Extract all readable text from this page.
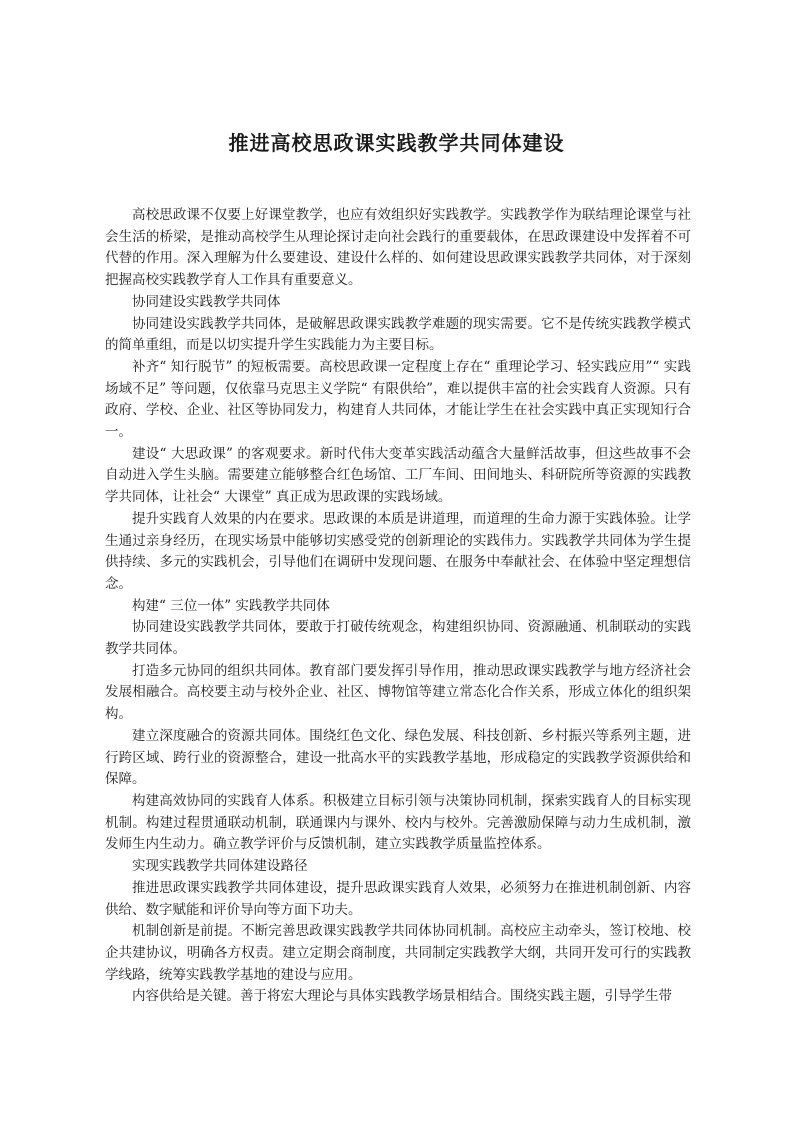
推进高校思政课实践教学共同体建设

高校思政课不仅要上好课堂教学，也应有效组织好实践教学。实践教学作为联结理论课堂与社会生活的桥梁，是推动高校学生从理论探讨走向社会践行的重要载体，在思政课建设中发挥着不可代替的作用。深入理解为什么要建设、建设什么样的、如何建设思政课实践教学共同体，对于深刻把握高校实践教学育人工作具有重要意义。

协同建设实践教学共同体

协同建设实践教学共同体，是破解思政课实践教学难题的现实需要。它不是传统实践教学模式的简单重组，而是以切实提升学生实践能力为主要目标。

补齐“ 知行脱节” 的短板需要。高校思政课一定程度上存在“ 重理论学习、轻实践应用”“ 实践场域不足” 等问题，仅依靠马克思主义学院“ 有限供给”，难以提供丰富的社会实践育人资源。只有政府、学校、企业、社区等协同发力，构建育人共同体，才能让学生在社会实践中真正实现知行合一。

建设“ 大思政课” 的客观要求。新时代伟大变革实践活动蕴含大量鲜活故事，但这些故事不会自动进入学生头脑。需要建立能够整合红色场馆、工厂车间、田间地头、科研院所等资源的实践教学共同体，让社会“ 大课堂” 真正成为思政课的实践场域。

提升实践育人效果的内在要求。思政课的本质是讲道理，而道理的生命力源于实践体验。让学生通过亲身经历，在现实场景中能够切实感受党的创新理论的实践伟力。实践教学共同体为学生提供持续、多元的实践机会，引导他们在调研中发现问题、在服务中奉献社会、在体验中坚定理想信念。

构建“ 三位一体” 实践教学共同体

协同建设实践教学共同体，要敢于打破传统观念，构建组织协同、资源融通、机制联动的实践教学共同体。

打造多元协同的组织共同体。教育部门要发挥引导作用，推动思政课实践教学与地方经济社会发展相融合。高校要主动与校外企业、社区、博物馆等建立常态化合作关系，形成立体化的组织架构。

建立深度融合的资源共同体。围绕红色文化、绿色发展、科技创新、乡村振兴等系列主题，进行跨区域、跨行业的资源整合，建设一批高水平的实践教学基地，形成稳定的实践教学资源供给和保障。

构建高效协同的实践育人体系。积极建立目标引领与决策协同机制，探索实践育人的目标实现机制。构建过程贯通联动机制，联通课内与课外、校内与校外。完善激励保障与动力生成机制，激发师生内生动力。确立教学评价与反馈机制，建立实践教学质量监控体系。

实现实践教学共同体建设路径

推进思政课实践教学共同体建设，提升思政课实践育人效果，必须努力在推进机制创新、内容供给、数字赋能和评价导向等方面下功夫。

机制创新是前提。不断完善思政课实践教学共同体协同机制。高校应主动牵头，签订校地、校企共建协议，明确各方权责。建立定期会商制度，共同制定实践教学大纲，共同开发可行的实践教学线路，统筹实践教学基地的建设与应用。

内容供给是关键。善于将宏大理论与具体实践教学场景相结合。围绕实践主题，引导学生带
